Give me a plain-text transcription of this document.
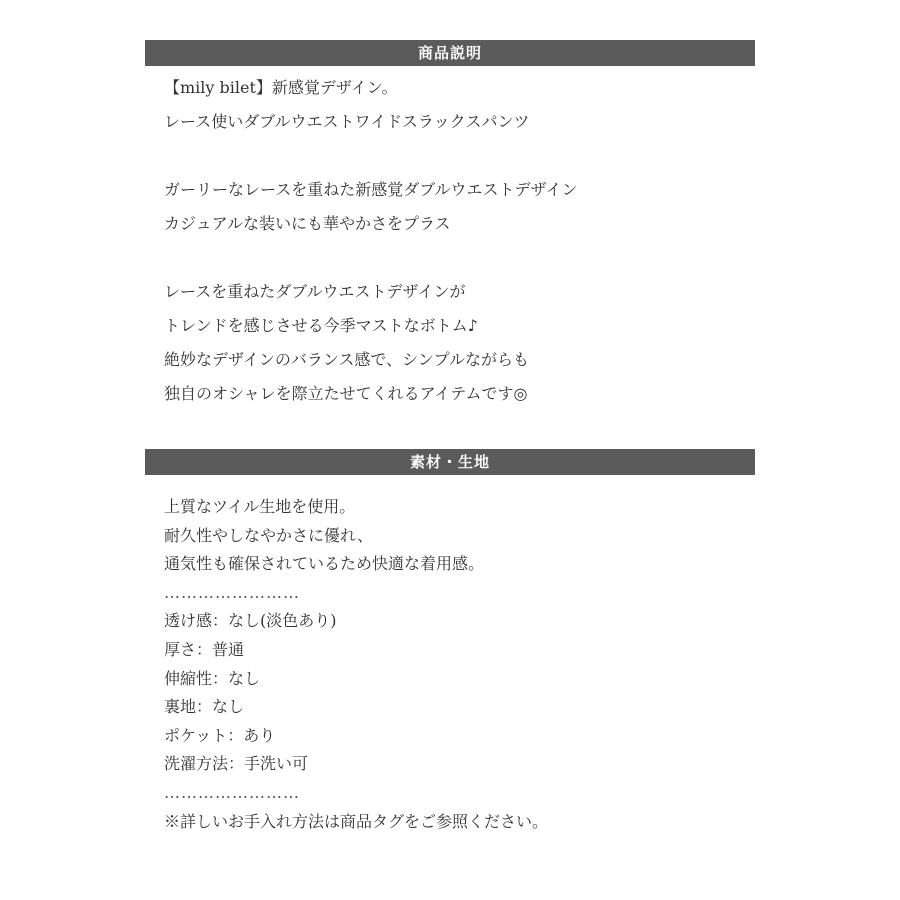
商品説明
【mily bilet】新感覚デザイン。
レース使いダブルウエストワイドスラックスパンツ
ガーリーなレースを重ねた新感覚ダブルウエストデザイン
カジュアルな装いにも華やかさをプラス
レースを重ねたダブルウエストデザインが
トレンドを感じさせる今季マストなボトム♪
絶妙なデザインのバランス感で、シンプルながらも
独自のオシャレを際立たせてくれるアイテムです◎
素材・生地
上質なツイル生地を使用。
耐久性やしなやかさに優れ、
通気性も確保されているため快適な着用感。
……………………
透け感：なし(淡色あり)
厚さ：普通
伸縮性：なし
裏地：なし
ポケット：あり
洗濯方法：手洗い可
……………………
※詳しいお手入れ方法は商品タグをご参照ください。
